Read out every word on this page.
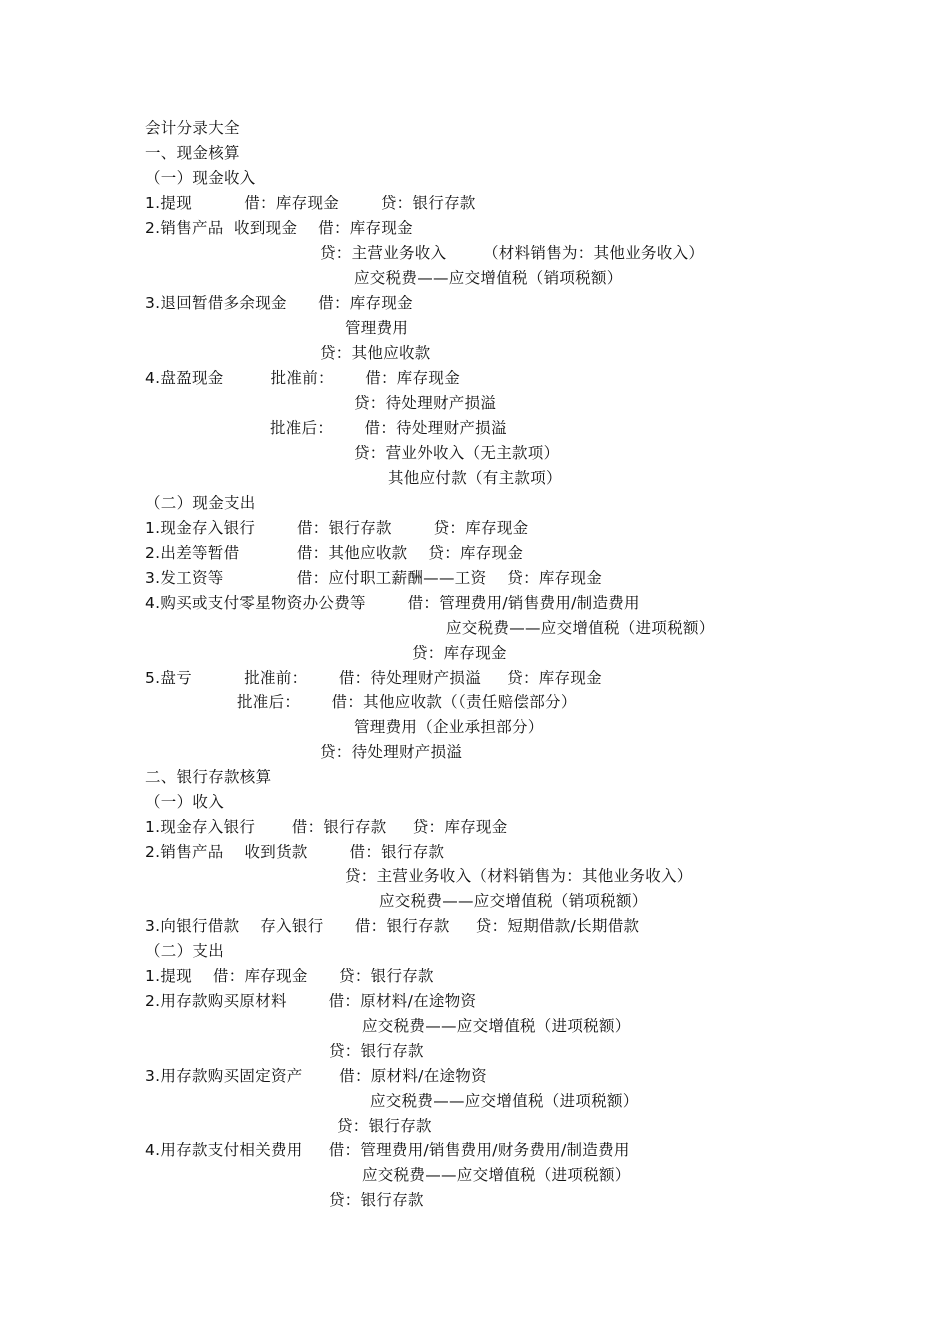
会计分录大全
一、现金核算
（一）现金收入
1.提现          借：库存现金        贷：银行存款
2.销售产品  收到现金    借：库存现金
贷：主营业务收入       （材料销售为：其他业务收入）
应交税费——应交增值税（销项税额）
3.退回暂借多余现金      借：库存现金
管理费用
贷：其他应收款
4.盘盈现金         批准前：      借：库存现金
贷：待处理财产损溢
批准后：      借：待处理财产损溢
贷：营业外收入（无主款项）
其他应付款（有主款项）
（二）现金支出
1.现金存入银行        借：银行存款        贷：库存现金
2.出差等暂借           借：其他应收款    贷：库存现金
3.发工资等              借：应付职工薪酬——工资    贷：库存现金
4.购买或支付零星物资办公费等        借：管理费用/销售费用/制造费用
应交税费——应交增值税（进项税额）
贷：库存现金
5.盘亏          批准前：      借：待处理财产损溢     贷：库存现金
批准后：      借：其他应收款（（责任赔偿部分）
管理费用（企业承担部分）
贷：待处理财产损溢
二、银行存款核算
（一）收入
1.现金存入银行       借：银行存款     贷：库存现金
2.销售产品    收到货款        借：银行存款
贷：主营业务收入（材料销售为：其他业务收入）
应交税费——应交增值税（销项税额）
3.向银行借款    存入银行      借：银行存款     贷：短期借款/长期借款
（二）支出
1.提现    借：库存现金      贷：银行存款
2.用存款购买原材料        借：原材料/在途物资
应交税费——应交增值税（进项税额）
贷：银行存款
3.用存款购买固定资产       借：原材料/在途物资
应交税费——应交增值税（进项税额）
贷：银行存款
4.用存款支付相关费用     借：管理费用/销售费用/财务费用/制造费用
应交税费——应交增值税（进项税额）
贷：银行存款
